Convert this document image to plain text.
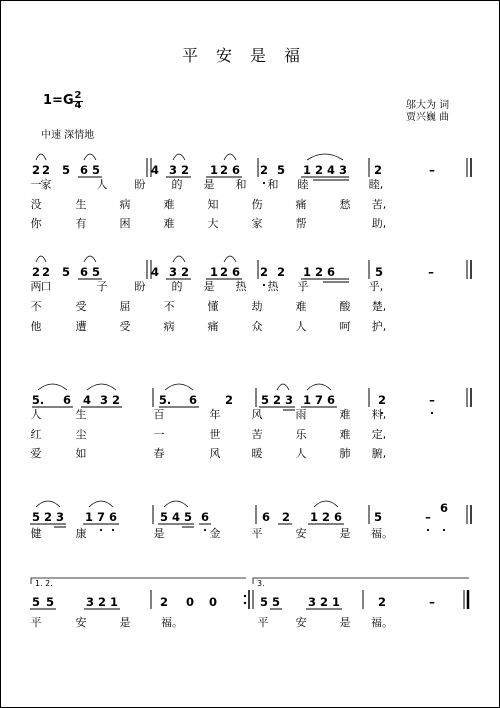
平安是福
1=G 2
4	邬大为 词
贾兴巍 曲
中速 深情地
2 2 5 6 5	4 3 2 1 2 6 2 5 1 2 4 3 2	–
2 2 5 6 5	4 3 2 1 2 6 2 2 1 2 6	5	–
5. 6 4 3 2	5. 6 2 5 2 3 1 7 6	2	–
5 2 3 1 7 6	5 4 5 6	6 2 1 2 6	5	–
6
5 5	3 2 1	2 0 0	5 5 3 2 1	2	–
1. 2.	3.
一 家	人 盼 的 是 和 和 睦	睦,
没	生	病	难	知	伤	痛	愁 苦,
你	有	困	难	大	家	帮	助,
两 口	子 盼 的 是 热 热 乎	乎,
不	受	屈	不	懂	劫	难	酸 楚,
他	遭	受	病	痛	众	人	呵 护,
人	生	百	年	风	雨	难 料,
红	尘	一	世	苦	乐	难 定,
爱	如	春	风	暖	人	肺 腑,
健	康	是	金	平	安	是 福。
平	安	是	福。	平 安	是 福。
